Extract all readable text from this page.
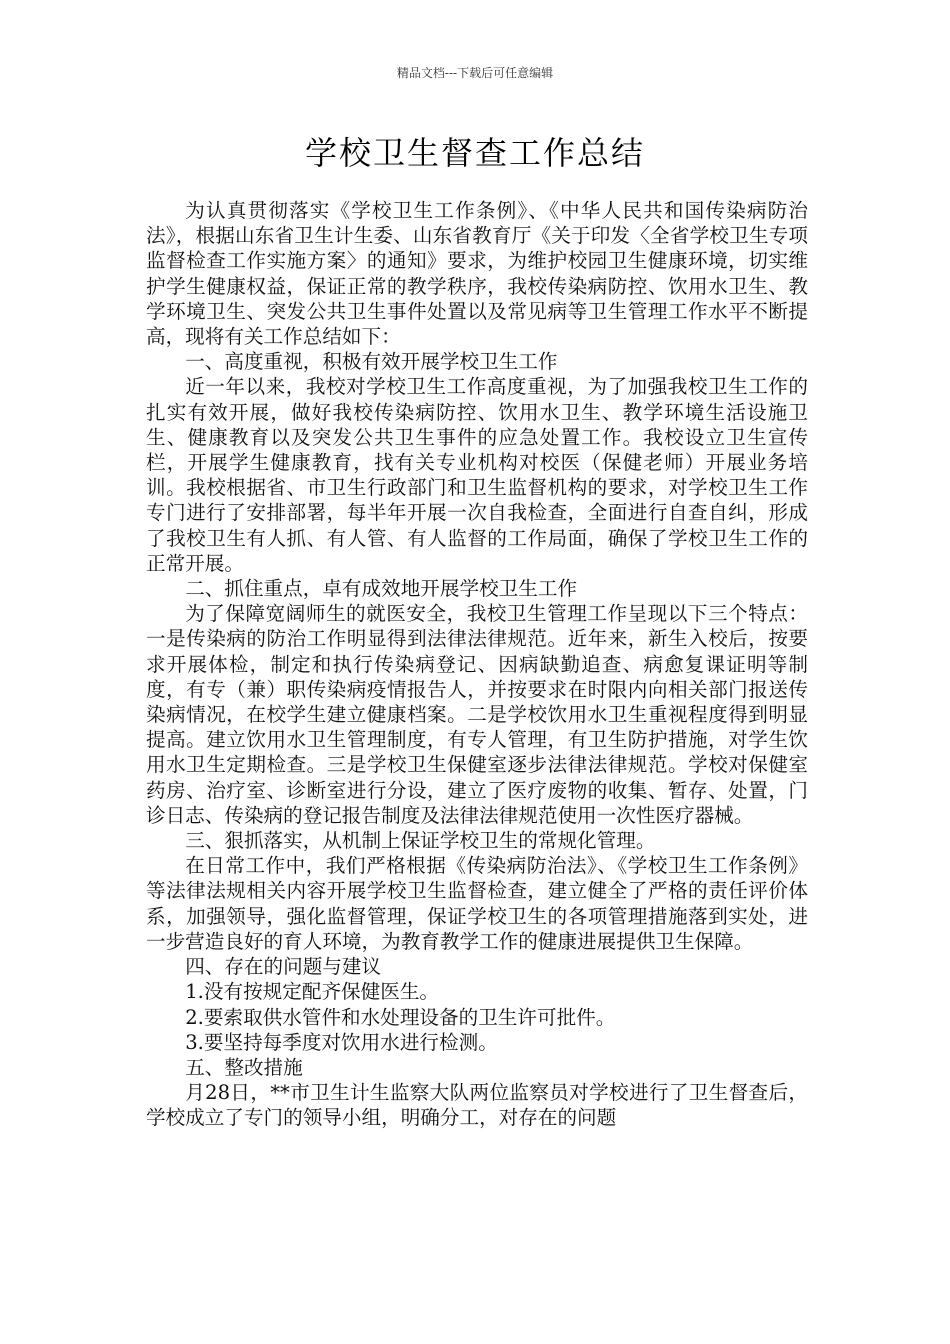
精品文档---下载后可任意编辑
学校卫生督查工作总结

为认真贯彻落实《学校卫生工作条例》、《中华人民共和国传染病防治法》，根据山东省卫生计生委、山东省教育厅《关于印发〈全省学校卫生专项监督检查工作实施方案〉的通知》要求，为维护校园卫生健康环境，切实维护学生健康权益，保证正常的教学秩序，我校传染病防控、饮用水卫生、教学环境卫生、突发公共卫生事件处置以及常见病等卫生管理工作水平不断提高，现将有关工作总结如下：

一、高度重视，积极有效开展学校卫生工作

近一年以来，我校对学校卫生工作高度重视，为了加强我校卫生工作的扎实有效开展，做好我校传染病防控、饮用水卫生、教学环境生活设施卫生、健康教育以及突发公共卫生事件的应急处置工作。我校设立卫生宣传栏，开展学生健康教育，找有关专业机构对校医（保健老师）开展业务培训。我校根据省、市卫生行政部门和卫生监督机构的要求，对学校卫生工作专门进行了安排部署，每半年开展一次自我检查，全面进行自查自纠，形成了我校卫生有人抓、有人管、有人监督的工作局面，确保了学校卫生工作的正常开展。

二、抓住重点，卓有成效地开展学校卫生工作

为了保障宽阔师生的就医安全，我校卫生管理工作呈现以下三个特点：一是传染病的防治工作明显得到法律法律规范。近年来，新生入校后，按要求开展体检，制定和执行传染病登记、因病缺勤追查、病愈复课证明等制度，有专（兼）职传染病疫情报告人，并按要求在时限内向相关部门报送传染病情况，在校学生建立健康档案。二是学校饮用水卫生重视程度得到明显提高。建立饮用水卫生管理制度，有专人管理，有卫生防护措施，对学生饮用水卫生定期检查。三是学校卫生保健室逐步法律法律规范。学校对保健室药房、治疗室、诊断室进行分设，建立了医疗废物的收集、暂存、处置，门诊日志、传染病的登记报告制度及法律法律规范使用一次性医疗器械。

三、狠抓落实，从机制上保证学校卫生的常规化管理。

在日常工作中，我们严格根据《传染病防治法》、《学校卫生工作条例》等法律法规相关内容开展学校卫生监督检查，建立健全了严格的责任评价体系，加强领导，强化监督管理，保证学校卫生的各项管理措施落到实处，进一步营造良好的育人环境，为教育教学工作的健康进展提供卫生保障。

四、存在的问题与建议

1.没有按规定配齐保健医生。

2.要索取供水管件和水处理设备的卫生许可批件。

3.要坚持每季度对饮用水进行检测。

五、整改措施

月28日，**市卫生计生监察大队两位监察员对学校进行了卫生督查后，学校成立了专门的领导小组，明确分工，对存在的问题
